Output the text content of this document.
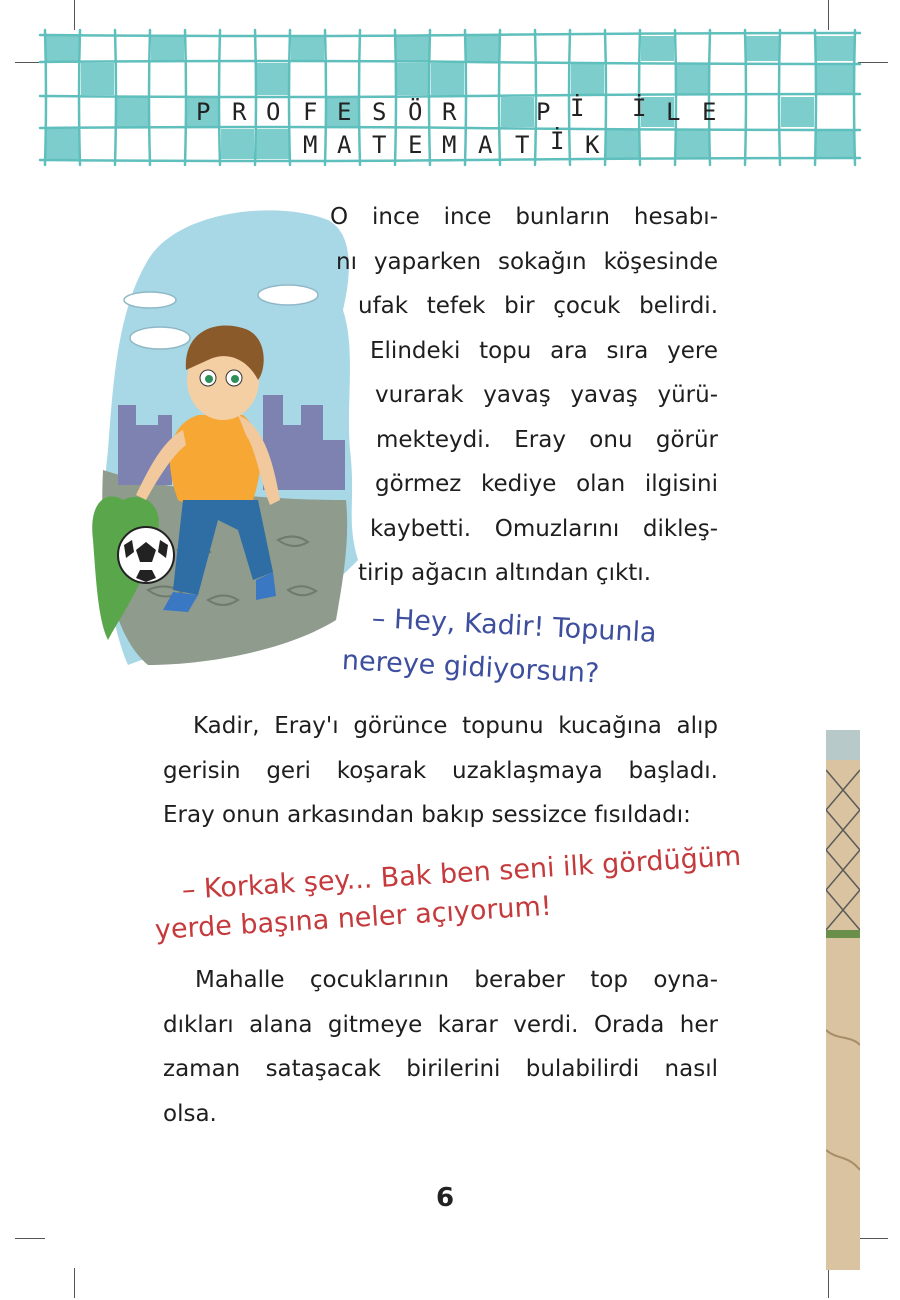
P R O F E S Ö R	P İ İ L E
M A T E M A T İ K
O ince ince bunların hesabı-
nı yaparken sokağın köşesinde
ufak tefek bir çocuk belirdi.
Elindeki topu ara sıra yere
vurarak yavaş yavaş yürü-
mekteydi. Eray onu görür
görmez kediye olan ilgisini
kaybetti. Omuzlarını dikleş-
tirip ağacın altından çıktı.
– Hey, Kadir! Topunla
nereye gidiyorsun?
Kadir, Eray'ı görünce topunu kucağına alıp
gerisin geri koşarak uzaklaşmaya başladı.
Eray onun arkasından bakıp sessizce fısıldadı:
– Korkak şey... Bak ben seni ilk gördüğüm
yerde başına neler açıyorum!
Mahalle çocuklarının beraber top oyna-
dıkları alana gitmeye karar verdi. Orada her
zaman sataşacak birilerini bulabilirdi nasıl
olsa.
6
